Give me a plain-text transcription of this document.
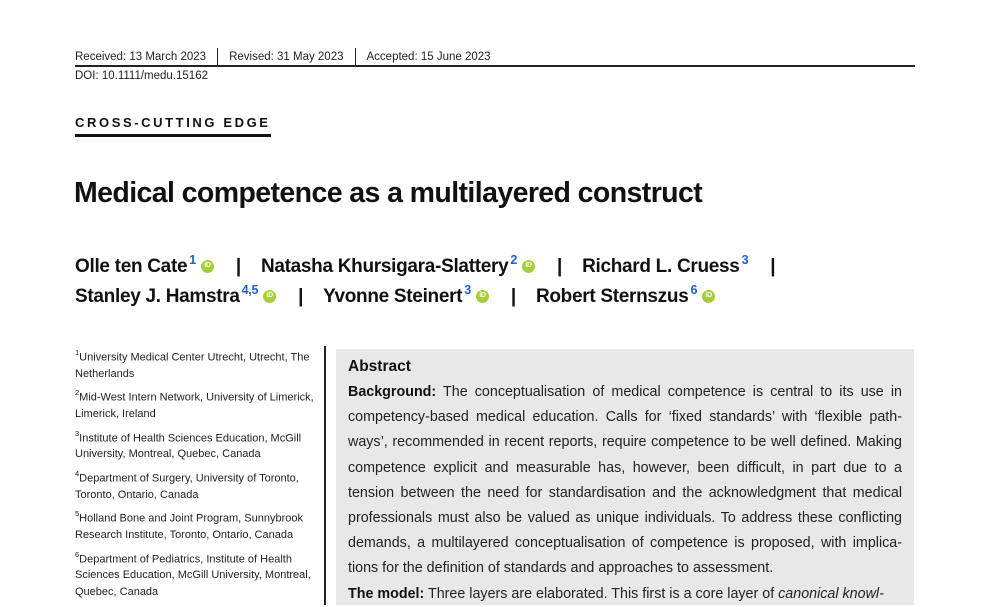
Received: 13 March 2023 Revised: 31 May 2023 Accepted: 15 June 2023
DOI: 10.1111/medu.15162
CROSS-CUTTING EDGE
Medical competence as a multilayered construct
Olle ten Cate 1	iD | Natasha Khursigara-Slattery 2	iD | Richard L. Cruess 3 |
Stanley J. Hamstra 4,5	iD | Yvonne Steinert 3	iD | Robert Sternszus 6	iD
$^1$University Medical Center Utrecht, Utrecht, The Netherlands
$^2$Mid-West Intern Network, University of Limerick, Limerick, Ireland
$^3$Institute of Health Sciences Education, McGill University, Montreal, Quebec, Canada
$^4$Department of Surgery, University of Toronto, Toronto, Ontario, Canada
$^5$Holland Bone and Joint Program, Sunnybrook Research Institute, Toronto, Ontario, Canada
$^6$Department of Pediatrics, Institute of Health Sciences Education, McGill University, Montreal, Quebec, Canada
Abstract

Background: The conceptualisation of medical competence is central to its use in competency-based medical education. Calls for ‘fixed standards’ with ‘flexible pathways’, recommended in recent reports, require competence to be well defined. Making competence explicit and measurable has, however, been difficult, in part due to a tension between the need for standardisation and the acknowledgment that medical professionals must also be valued as unique individuals. To address these conflicting demands, a multilayered conceptualisation of competence is proposed, with implications for the definition of standards and approaches to assessment.

The model: Three layers are elaborated. This first is a core layer of canonical knowl-
